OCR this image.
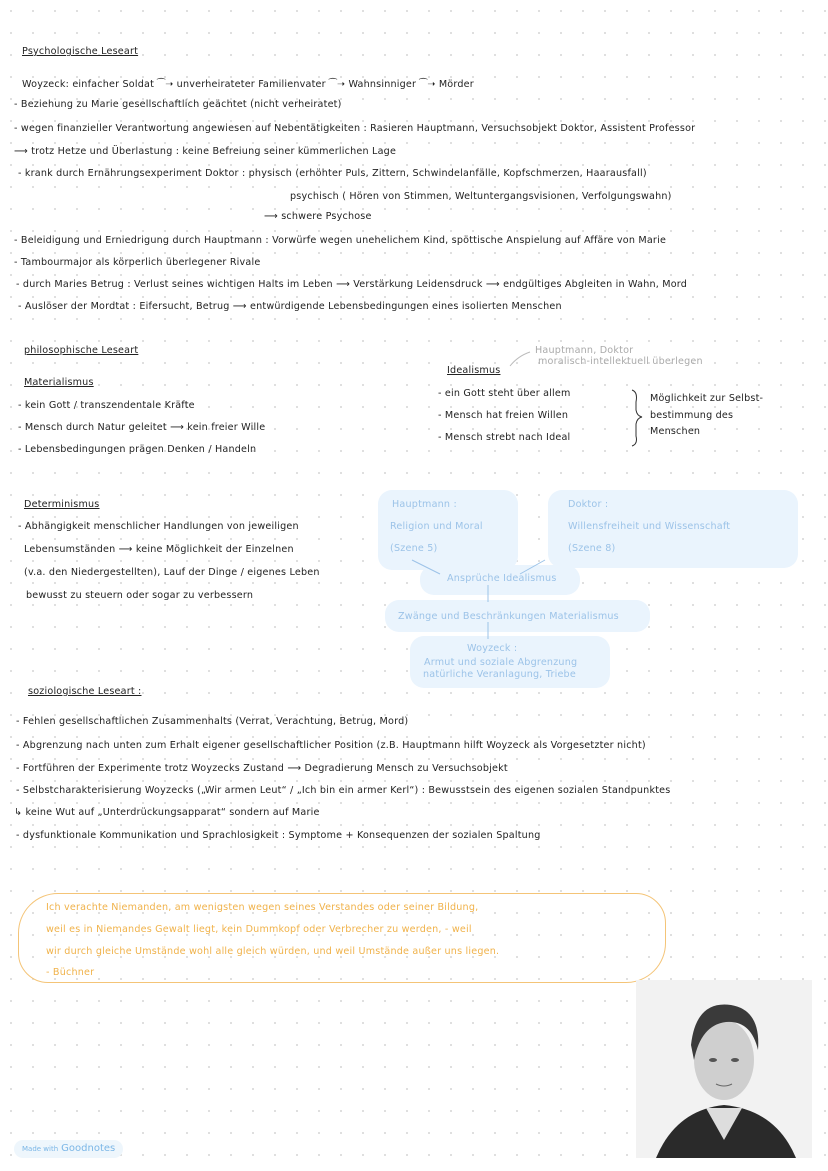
Made with Goodnotes
Psychologische Leseart
Woyzeck: einfacher Soldat ⁀➝ unverheirateter Familienvater ⁀➝ Wahnsinniger ⁀➝ Mörder
- Beziehung zu Marie gesellschaftlich geächtet (nicht verheiratet)
- wegen finanzieller Verantwortung angewiesen auf Nebentätigkeiten : Rasieren Hauptmann, Versuchsobjekt Doktor, Assistent Professor
⟶ trotz Hetze und Überlastung : keine Befreiung seiner kümmerlichen Lage
- krank durch Ernährungsexperiment Doktor : physisch (erhöhter Puls, Zittern, Schwindelanfälle, Kopfschmerzen, Haarausfall)
psychisch ( Hören von Stimmen, Weltuntergangsvisionen, Verfolgungswahn)
⟶ schwere Psychose
- Beleidigung und Erniedrigung durch Hauptmann : Vorwürfe wegen unehelichem Kind, spöttische Anspielung auf Affäre von Marie
- Tambourmajor als körperlich überlegener Rivale
- durch Maries Betrug : Verlust seines wichtigen Halts im Leben ⟶ Verstärkung Leidensdruck ⟶ endgültiges Abgleiten in Wahn, Mord
- Auslöser der Mordtat : Eifersucht, Betrug ⟶ entwürdigende Lebensbedingungen eines isolierten Menschen
philosophische Leseart
Materialismus
- kein Gott / transzendentale Kräfte
- Mensch durch Natur geleitet ⟶ kein freier Wille
- Lebensbedingungen prägen Denken / Handeln
Hauptmann, Doktor
moralisch-intellektuell überlegen
Idealismus
- ein Gott steht über allem
- Mensch hat freien Willen
- Mensch strebt nach Ideal
Möglichkeit zur Selbst-
bestimmung des
Menschen
Determinismus
- Abhängigkeit menschlicher Handlungen von jeweiligen
Lebensumständen ⟶ keine Möglichkeit der Einzelnen
(v.a. den Niedergestellten), Lauf der Dinge / eigenes Leben
bewusst zu steuern oder sogar zu verbessern
Hauptmann :
Religion und Moral
(Szene 5)
Doktor :
Willensfreiheit und Wissenschaft
(Szene 8)
Ansprüche Idealismus
Zwänge und Beschränkungen Materialismus
Woyzeck :
Armut und soziale Abgrenzung
natürliche Veranlagung, Triebe
soziologische Leseart :
- Fehlen gesellschaftlichen Zusammenhalts (Verrat, Verachtung, Betrug, Mord)
- Abgrenzung nach unten zum Erhalt eigener gesellschaftlicher Position (z.B. Hauptmann hilft Woyzeck als Vorgesetzter nicht)
- Fortführen der Experimente trotz Woyzecks Zustand ⟶ Degradierung Mensch zu Versuchsobjekt
- Selbstcharakterisierung Woyzecks („Wir armen Leut“ / „Ich bin ein armer Kerl“) : Bewusstsein des eigenen sozialen Standpunktes
↳ keine Wut auf „Unterdrückungsapparat“ sondern auf Marie
- dysfunktionale Kommunikation und Sprachlosigkeit : Symptome + Konsequenzen der sozialen Spaltung
Ich verachte Niemanden, am wenigsten wegen seines Verstandes oder seiner Bildung,
weil es in Niemandes Gewalt liegt, kein Dummkopf oder Verbrecher zu werden, - weil
wir durch gleiche Umstände wohl alle gleich würden, und weil Umstände außer uns liegen.
- Büchner
